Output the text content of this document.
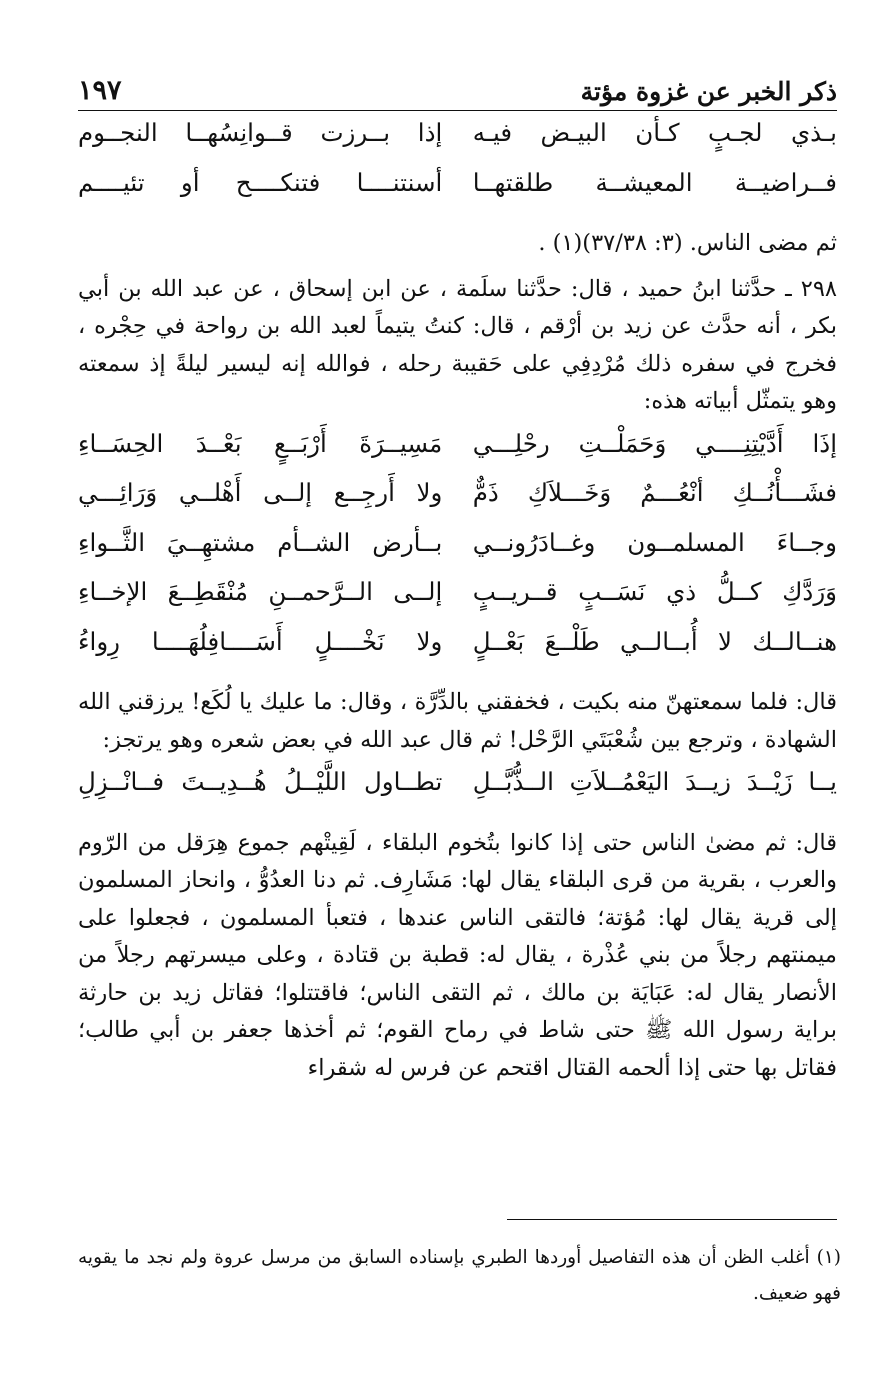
ذكر الخبر عن غزوة مؤتة
١٩٧
بـذي لجـبٍ كـأن البيـض فيـه
إذا بــرزت قــوانِسُهــا النجــوم
فــراضيــة المعيشــة طلقتهــا
أسنتنــــا فتنكــــح أو تئيــــم

ثم مضى الناس. (٣: ٣٧/٣٨)(١) .

٢٩٨ ـ حدَّثنا ابنُ حميد ، قال: حدَّثنا سلَمة ، عن ابن إسحاق ، عن عبد الله بن أبي بكر ، أنه حدَّث عن زيد بن أرْقم ، قال: كنتُ يتيماً لعبد الله بن رواحة في حِجْره ، فخرج في سفره ذلك مُرْدِفِي على حَقيبة رحله ، فوالله إنه ليسير ليلةً إذ سمعته وهو يتمثّل أبياته هذه:

إذَا أَدَّيْتِنِــــي وَحَمَلْــتِ رحْلِـــي
مَسِيــرَةَ أَرْبَــعٍ بَعْــدَ الحِسَــاءِ
فشَـــأْنُــكِ أنْعُـــمٌ وَخَـــلاَكِ ذَمٌّ
ولا أَرجِــع إلــى أَهْلــي وَرَائِـــي
وجــاءَ المسلمــون وغــادَرُونــي
بــأرض الشــأم مشتهِــيَ الثَّــواءِ
وَرَدَّكِ كــلُّ ذي نَسَــبٍ قــريــبٍ
إلــى الــرَّحمــنِ مُنْقَطِــعَ الإخــاءِ
هنــالــك لا أُبــالــي طَلْــعَ بَعْــلٍ
ولا نَخْــــلٍ أَسَــــافِلُهَــــا رِواءُ

قال: فلما سمعتهنّ منه بكيت ، فخفقني بالدِّرَّة ، وقال: ما عليك يا لُكَع! يرزقني الله الشهادة ، وترجع بين شُعْبَتَي الرَّحْل! ثم قال عبد الله في بعض شعره وهو يرتجز:

يــا زَيْــدَ زيــدَ اليَعْمُــلاَتِ الــذُّبَّــلِ
تطــاول اللَّيْــلُ هُــدِيــتَ فــانْــزِلِ

قال: ثم مضىٰ الناس حتى إذا كانوا بتُخوم البلقاء ، لَقِيتْهم جموع هِرَقل من الرّوم والعرب ، بقرية من قرى البلقاء يقال لها: مَشَارِف. ثم دنا العدُوُّ ، وانحاز المسلمون إلى قرية يقال لها: مُؤتة؛ فالتقى الناس عندها ، فتعبأ المسلمون ، فجعلوا على ميمنتهم رجلاً من بني عُذْرة ، يقال له: قطبة بن قتادة ، وعلى ميسرتهم رجلاً من الأنصار يقال له: عَبَايَة بن مالك ، ثم التقى الناس؛ فاقتتلوا؛ فقاتل زيد بن حارثة براية رسول الله ﷺ حتى شاط في رماح القوم؛ ثم أخذها جعفر بن أبي طالب؛ فقاتل بها حتى إذا ألحمه القتال اقتحم عن فرس له شقراء

(١) أغلب الظن أن هذه التفاصيل أوردها الطبري بإسناده السابق من مرسل عروة ولم نجد ما يقويه فهو ضعيف.
